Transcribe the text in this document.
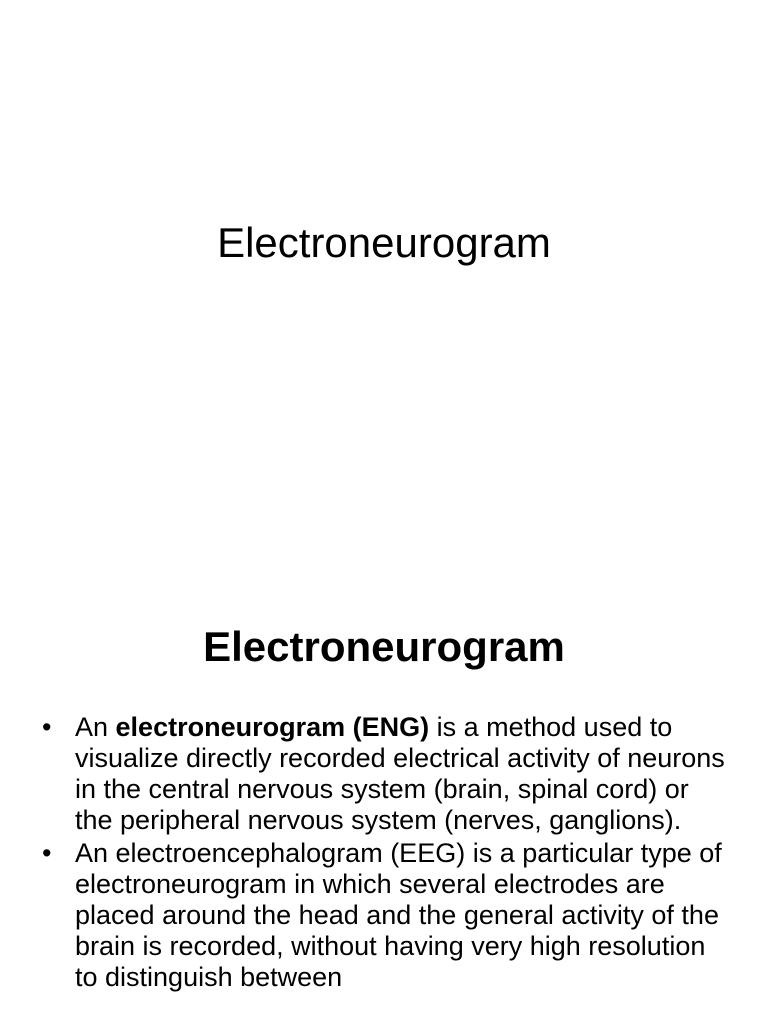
Electroneurogram
Electroneurogram
• An electroneurogram (ENG) is a method used to visualize directly recorded electrical activity of neurons in the central nervous system (brain, spinal cord) or the peripheral nervous system (nerves, ganglions).
• An electroencephalogram (EEG) is a particular type of electroneurogram in which several electrodes are placed around the head and the general activity of the brain is recorded, without having very high resolution to distinguish between
